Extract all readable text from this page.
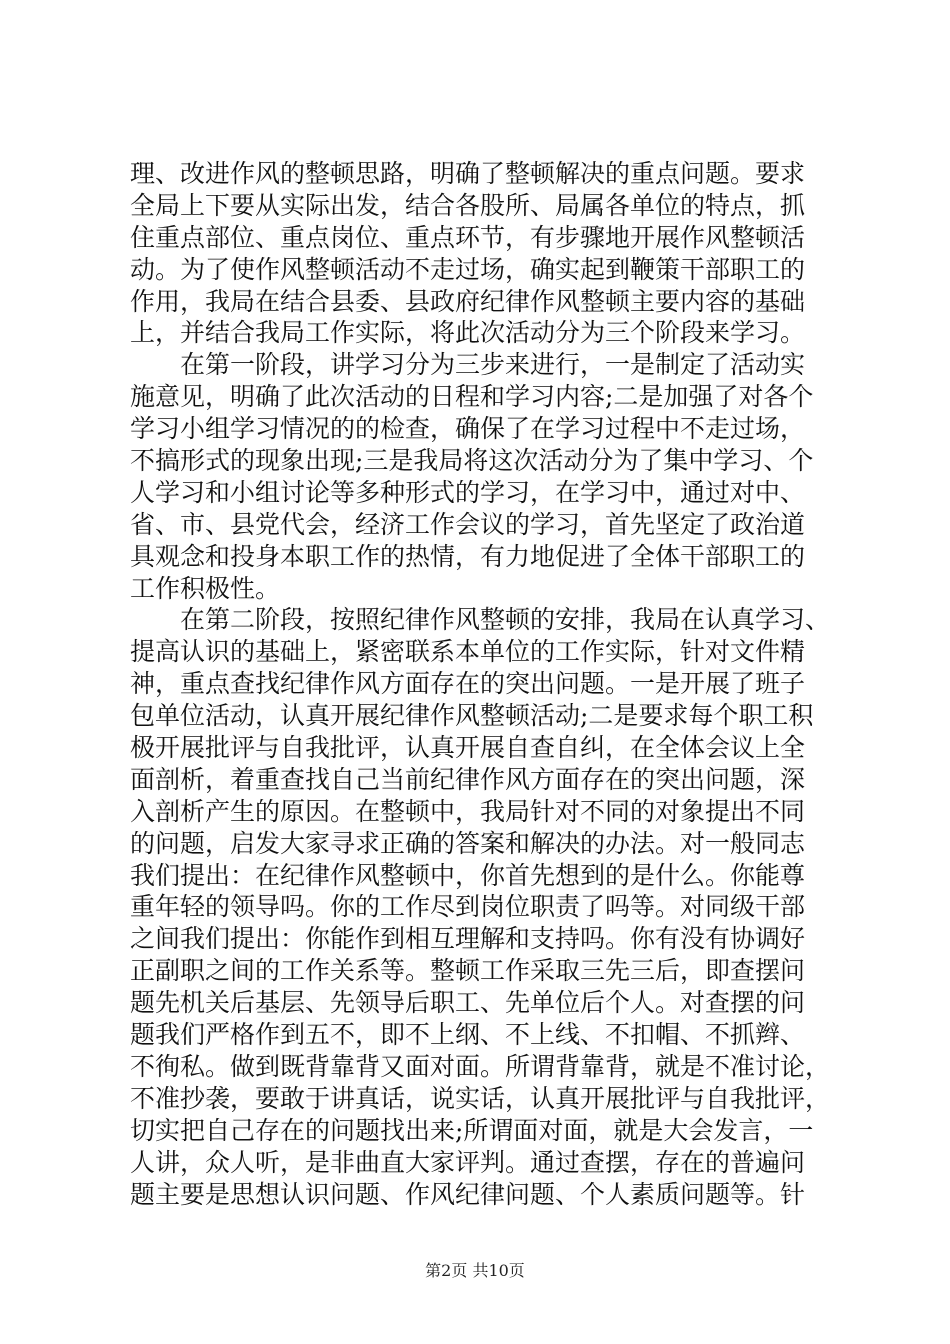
理、改进作风的整顿思路，明确了整顿解决的重点问题。要求
全局上下要从实际出发，结合各股所、局属各单位的特点，抓
住重点部位、重点岗位、重点环节，有步骤地开展作风整顿活
动。为了使作风整顿活动不走过场，确实起到鞭策干部职工的
作用，我局在结合县委、县政府纪律作风整顿主要内容的基础
上，并结合我局工作实际，将此次活动分为三个阶段来学习。
　　在第一阶段，讲学习分为三步来进行，一是制定了活动实
施意见，明确了此次活动的日程和学习内容;二是加强了对各个
学习小组学习情况的的检查，确保了在学习过程中不走过场，
不搞形式的现象出现;三是我局将这次活动分为了集中学习、个
人学习和小组讨论等多种形式的学习，在学习中，通过对中、
省、市、县党代会，经济工作会议的学习，首先坚定了政治道
具观念和投身本职工作的热情，有力地促进了全体干部职工的
工作积极性。
　　在第二阶段，按照纪律作风整顿的安排，我局在认真学习、
提高认识的基础上，紧密联系本单位的工作实际，针对文件精
神，重点查找纪律作风方面存在的突出问题。一是开展了班子
包单位活动，认真开展纪律作风整顿活动;二是要求每个职工积
极开展批评与自我批评，认真开展自查自纠，在全体会议上全
面剖析，着重查找自己当前纪律作风方面存在的突出问题，深
入剖析产生的原因。在整顿中，我局针对不同的对象提出不同
的问题，启发大家寻求正确的答案和解决的办法。对一般同志
我们提出：在纪律作风整顿中，你首先想到的是什么。你能尊
重年轻的领导吗。你的工作尽到岗位职责了吗等。对同级干部
之间我们提出：你能作到相互理解和支持吗。你有没有协调好
正副职之间的工作关系等。整顿工作采取三先三后，即查摆问
题先机关后基层、先领导后职工、先单位后个人。对查摆的问
题我们严格作到五不，即不上纲、不上线、不扣帽、不抓辫、
不徇私。做到既背靠背又面对面。所谓背靠背，就是不准讨论，
不准抄袭，要敢于讲真话，说实话，认真开展批评与自我批评，
切实把自己存在的问题找出来;所谓面对面，就是大会发言，一
人讲，众人听，是非曲直大家评判。通过查摆，存在的普遍问
题主要是思想认识问题、作风纪律问题、个人素质问题等。针
第2页 共10页
